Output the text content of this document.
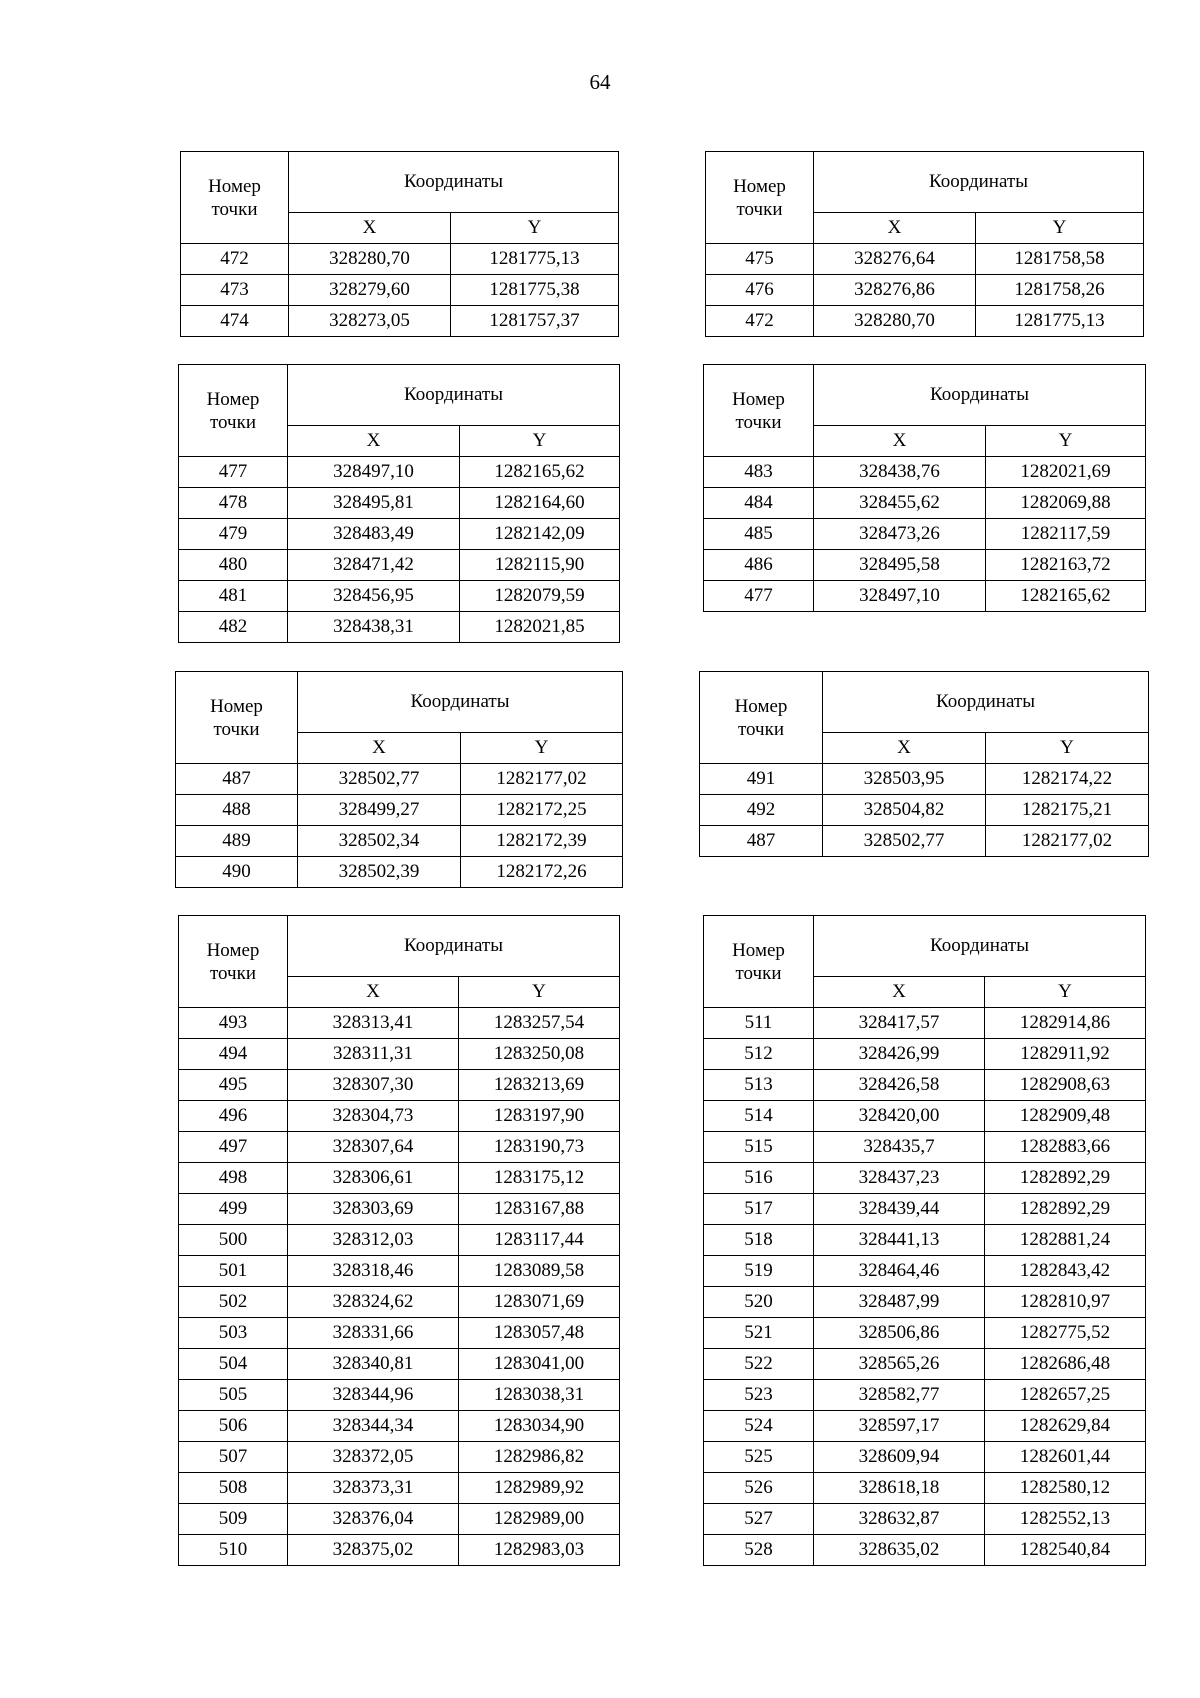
64
Номер
точки	Координаты	
	X	Y
472	328280,70	1281775,13
473	328279,60	1281775,38
474	328273,05	1281757,37
Номер
точки	Координаты	
	X	Y
475	328276,64	1281758,58
476	328276,86	1281758,26
472	328280,70	1281775,13
Номер
точки	Координаты	
	X	Y
477	328497,10	1282165,62
478	328495,81	1282164,60
479	328483,49	1282142,09
480	328471,42	1282115,90
481	328456,95	1282079,59
482	328438,31	1282021,85
Номер
точки	Координаты	
	X	Y
483	328438,76	1282021,69
484	328455,62	1282069,88
485	328473,26	1282117,59
486	328495,58	1282163,72
477	328497,10	1282165,62
Номер
точки	Координаты	
	X	Y
487	328502,77	1282177,02
488	328499,27	1282172,25
489	328502,34	1282172,39
490	328502,39	1282172,26
Номер
точки	Координаты	
	X	Y
491	328503,95	1282174,22
492	328504,82	1282175,21
487	328502,77	1282177,02
Номер
точки	Координаты	
	X	Y
493	328313,41	1283257,54
494	328311,31	1283250,08
495	328307,30	1283213,69
496	328304,73	1283197,90
497	328307,64	1283190,73
498	328306,61	1283175,12
499	328303,69	1283167,88
500	328312,03	1283117,44
501	328318,46	1283089,58
502	328324,62	1283071,69
503	328331,66	1283057,48
504	328340,81	1283041,00
505	328344,96	1283038,31
506	328344,34	1283034,90
507	328372,05	1282986,82
508	328373,31	1282989,92
509	328376,04	1282989,00
510	328375,02	1282983,03
Номер
точки	Координаты	
	X	Y
511	328417,57	1282914,86
512	328426,99	1282911,92
513	328426,58	1282908,63
514	328420,00	1282909,48
515	328435,7	1282883,66
516	328437,23	1282892,29
517	328439,44	1282892,29
518	328441,13	1282881,24
519	328464,46	1282843,42
520	328487,99	1282810,97
521	328506,86	1282775,52
522	328565,26	1282686,48
523	328582,77	1282657,25
524	328597,17	1282629,84
525	328609,94	1282601,44
526	328618,18	1282580,12
527	328632,87	1282552,13
528	328635,02	1282540,84
